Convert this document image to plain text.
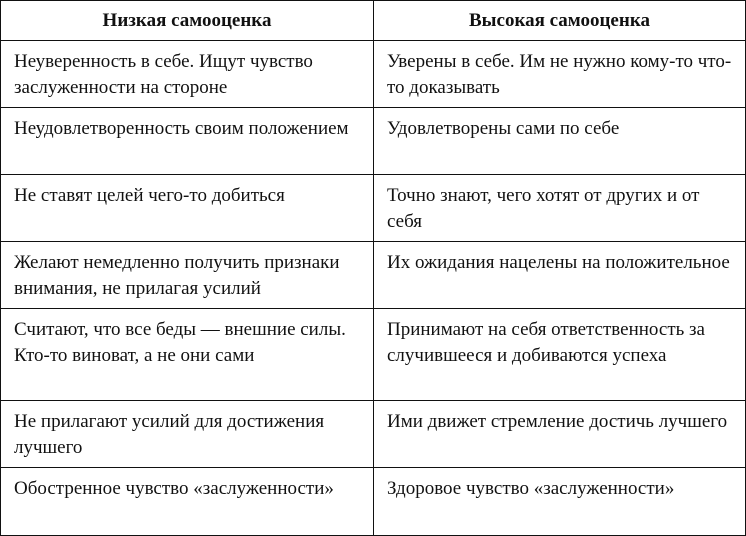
Низкая самооценка	Высокая самооценка
Неуверенность в себе. Ищут чувство заслуженности на стороне	Уверены в себе. Им не нужно кому-то что-то доказывать
Неудовлетворенность своим положением	Удовлетворены сами по себе
Не ставят целей чего-то добиться	Точно знают, чего хотят от других и от себя
Желают немедленно получить признаки внимания, не прилагая усилий	Их ожидания нацелены на положительное
Считают, что все беды — внешние силы. Кто-то виноват, а не они сами	Принимают на себя ответственность за случившееся и добиваются успеха
Не прилагают усилий для достижения лучшего	Ими движет стремление достичь лучшего
Обостренное чувство «заслуженности»	Здоровое чувство «заслуженности»
